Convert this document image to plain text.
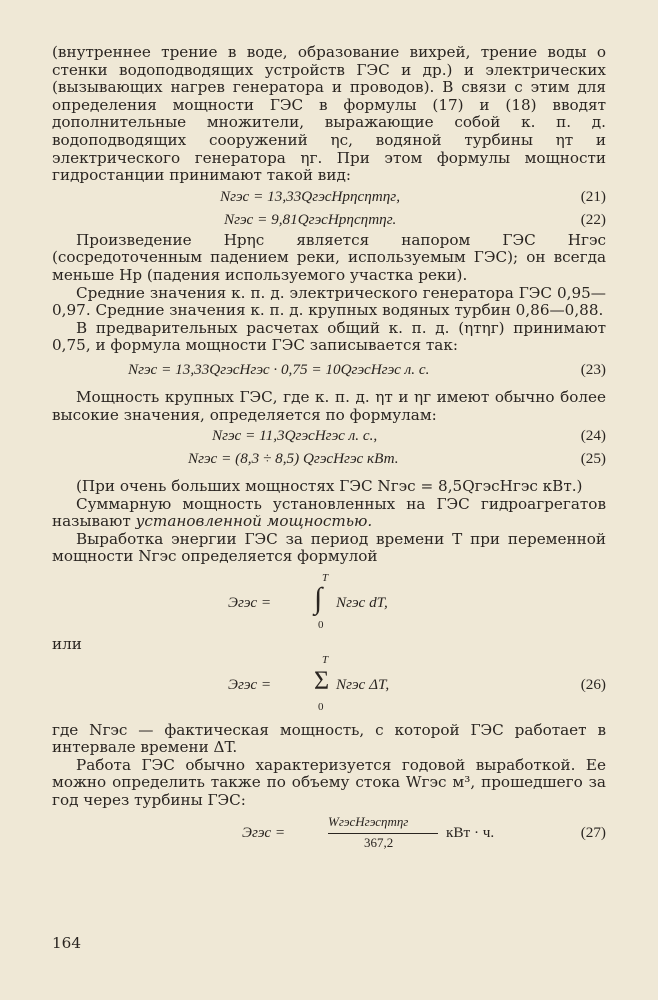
(внутреннее трение в воде, образование вихрей, трение воды о стенки водоподводящих устройств ГЭС и др.) и электрических (вызывающих нагрев генератора и проводов). В связи с этим для определения мощности ГЭС в формулы (17) и (18) вводят дополнительные множители, выражающие собой к. п. д. водоподводящих сооружений ηс, водяной турбины ηт и электрического генератора ηг. При этом формулы мощности гидростанции принимают такой вид:

Nгэс = 13,33QгэсHрηсηтηг,	(21)
Nгэс = 9,81QгэсHрηсηтηг.	(22)

Произведение Hрηс является напором ГЭС Hгэс (сосредоточенным падением реки, используемым ГЭС); он всегда меньше Hр (падения используемого участка реки).

Средние значения к. п. д. электрического генератора ГЭС 0,95—0,97. Средние значения к. п. д. крупных водяных турбин 0,86—0,88.

В предварительных расчетах общий к. п. д. (ηтηг) принимают 0,75, и формула мощности ГЭС записывается так:

Nгэс = 13,33QгэсHгэс · 0,75 = 10QгэсHгэс л. с.	(23)

Мощность крупных ГЭС, где к. п. д. ηт и ηг имеют обычно более высокие значения, определяется по формулам:

Nгэс = 11,3QгэсHгэс л. с.,	(24)
Nгэс = (8,3 ÷ 8,5) QгэсHгэс кВт.	(25)

(При очень больших мощностях ГЭС Nгэс = 8,5QгэсHгэс кВт.)

Суммарную мощность установленных на ГЭС гидроагрегатов называют установленной мощностью.

Выработка энергии ГЭС за период времени T при переменной мощности Nгэс определяется формулой

Эгэс =
T
∫
0
Nгэс dT,

или

Эгэс =
T
Σ
0
Nгэс ΔT,	(26)

где Nгэс — фактическая мощность, с которой ГЭС работает в интервале времени ΔT.

Работа ГЭС обычно характеризуется годовой выработкой. Ее можно определить также по объему стока Wгэс м³, прошедшего за год через турбины ГЭС:

Эгэс =
WгэсHгэсηтηг
367,2
кВт · ч.	(27)
164
